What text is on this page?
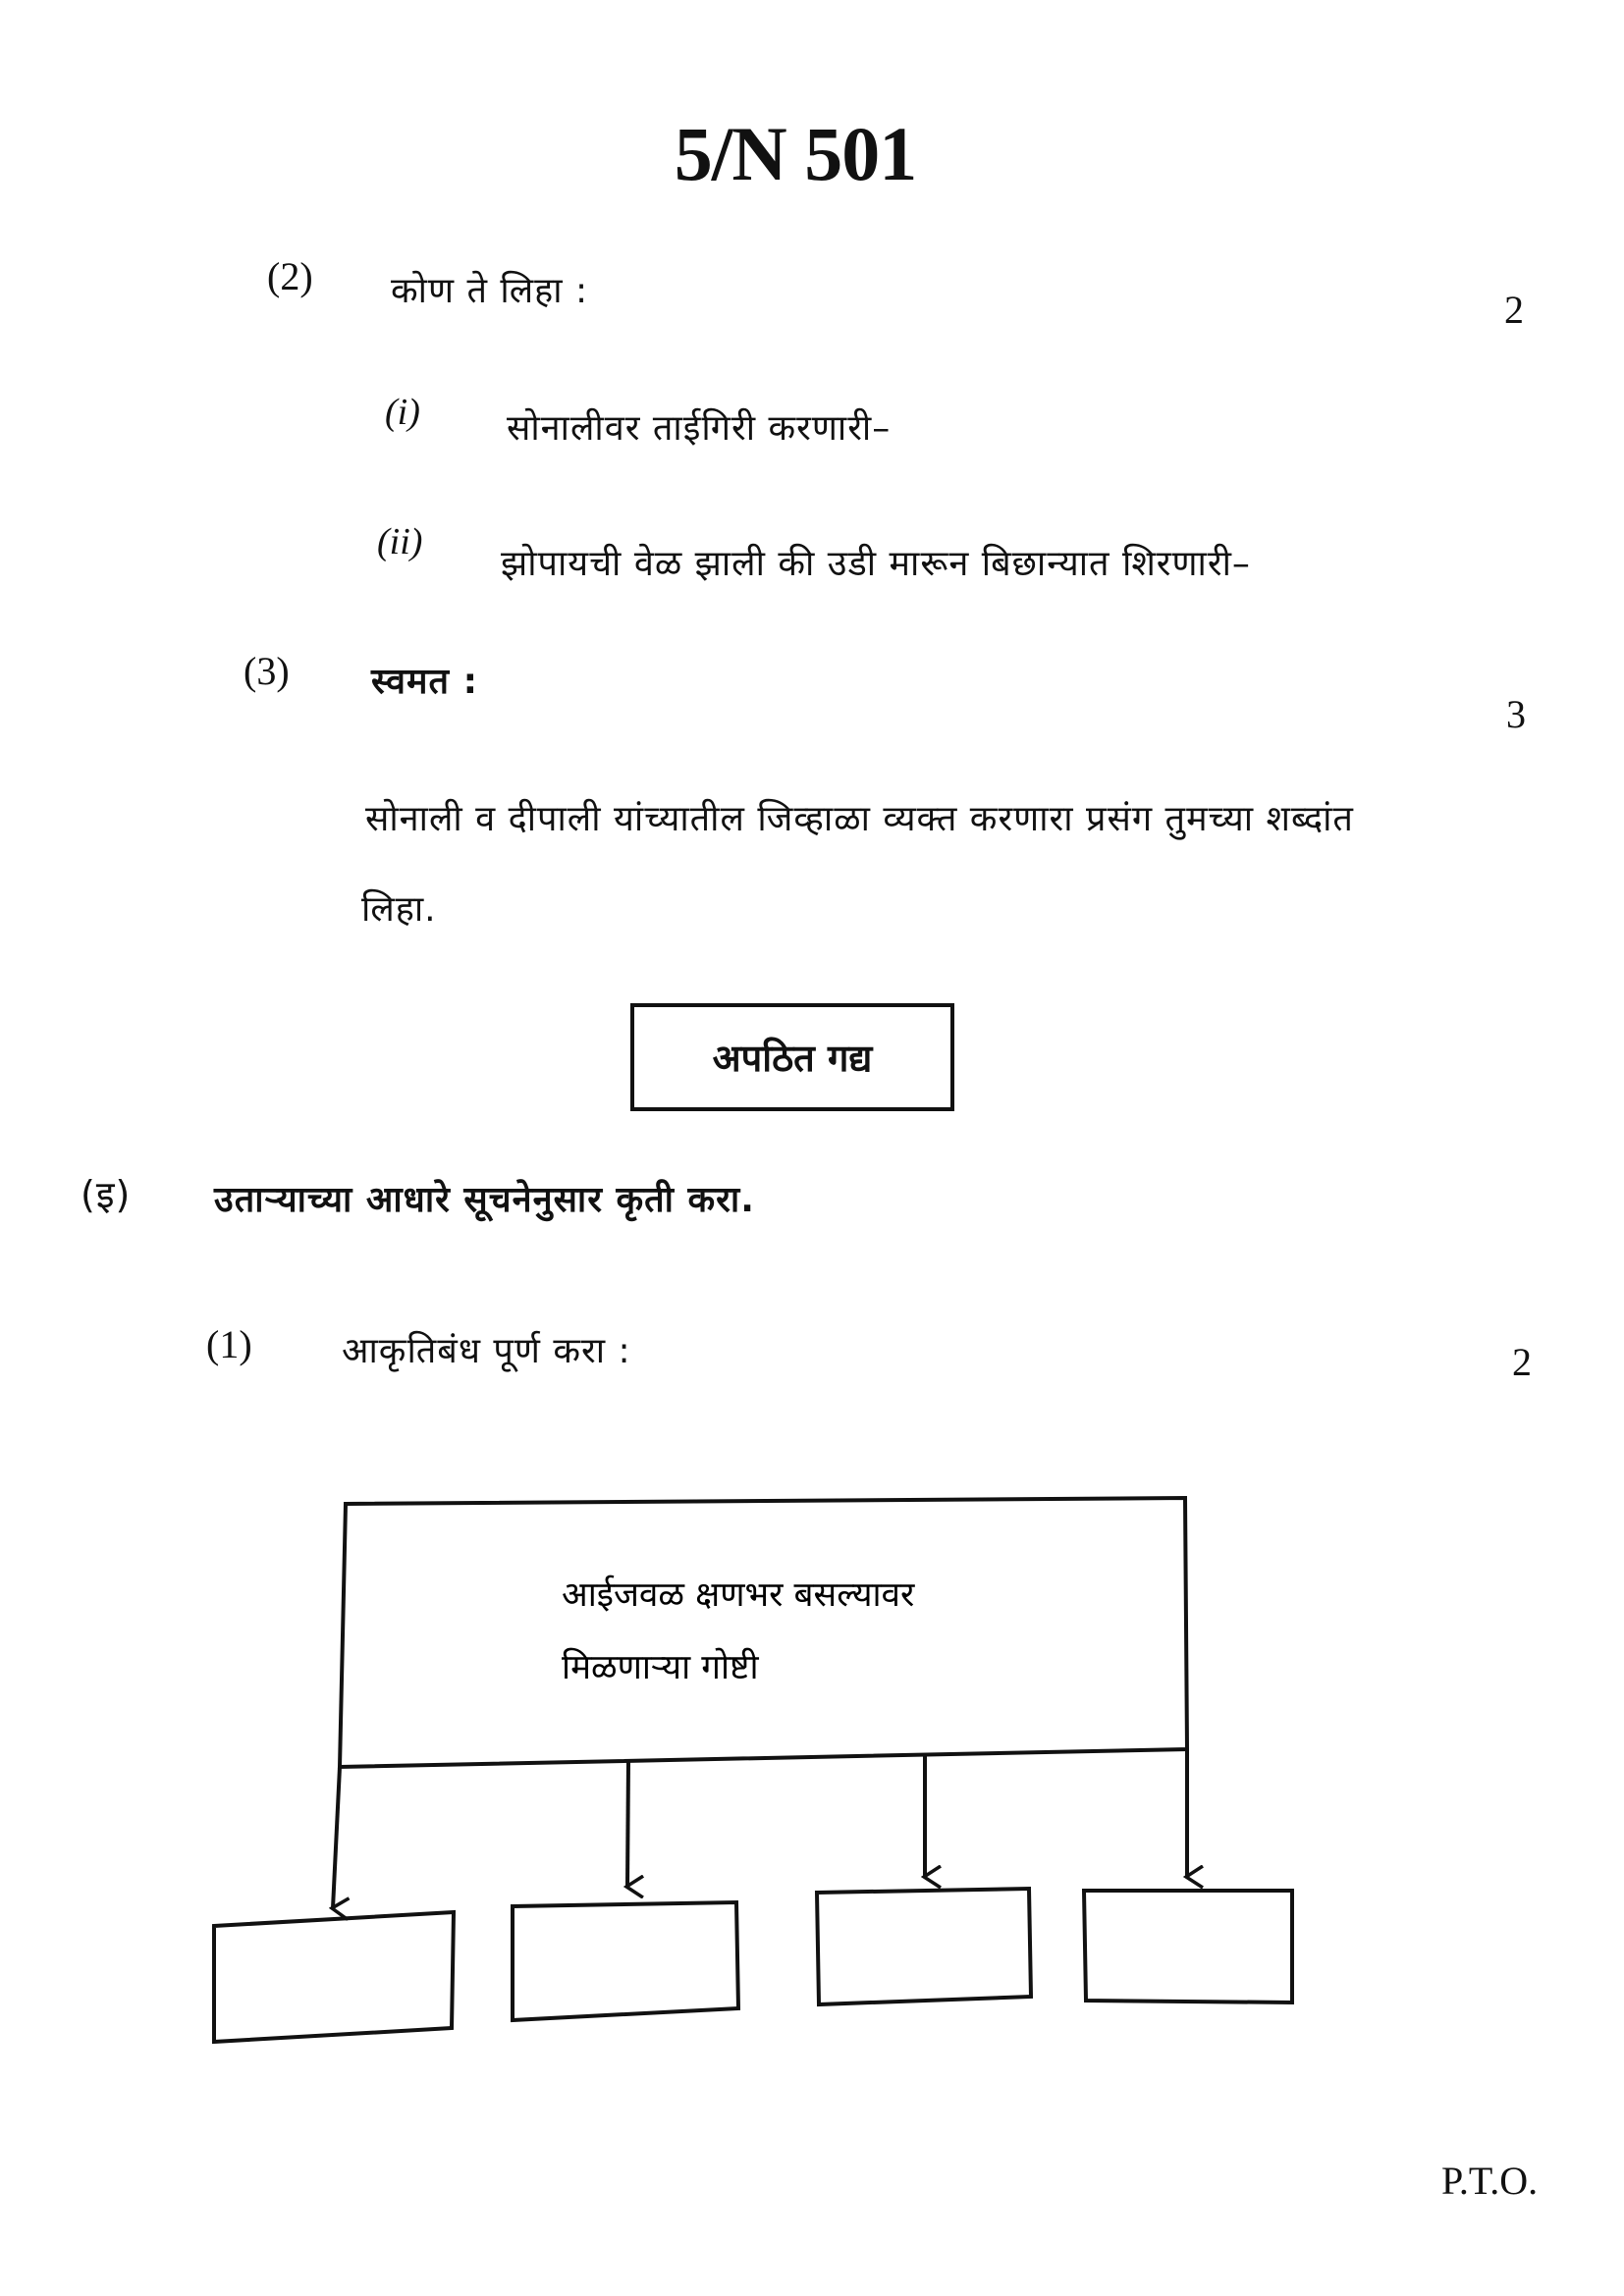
5/N 501
(2) कोण ते लिहा :	2
(i) सोनालीवर ताईगिरी करणारी–
(ii)
झोपायची वेळ झाली की उडी मारून बिछान्यात शिरणारी–
(3) स्वमत :
3
सोनाली व दीपाली यांच्यातील जिव्हाळा व्यक्त करणारा प्रसंग तुमच्या शब्दांत
लिहा.
अपठित गद्य
(इ) उताऱ्याच्या आधारे सूचनेनुसार कृती करा.
(1)	आकृतिबंध पूर्ण करा :	2
आईजवळ क्षणभर बसल्यावर
मिळणाऱ्या गोष्टी
P.T.O.
